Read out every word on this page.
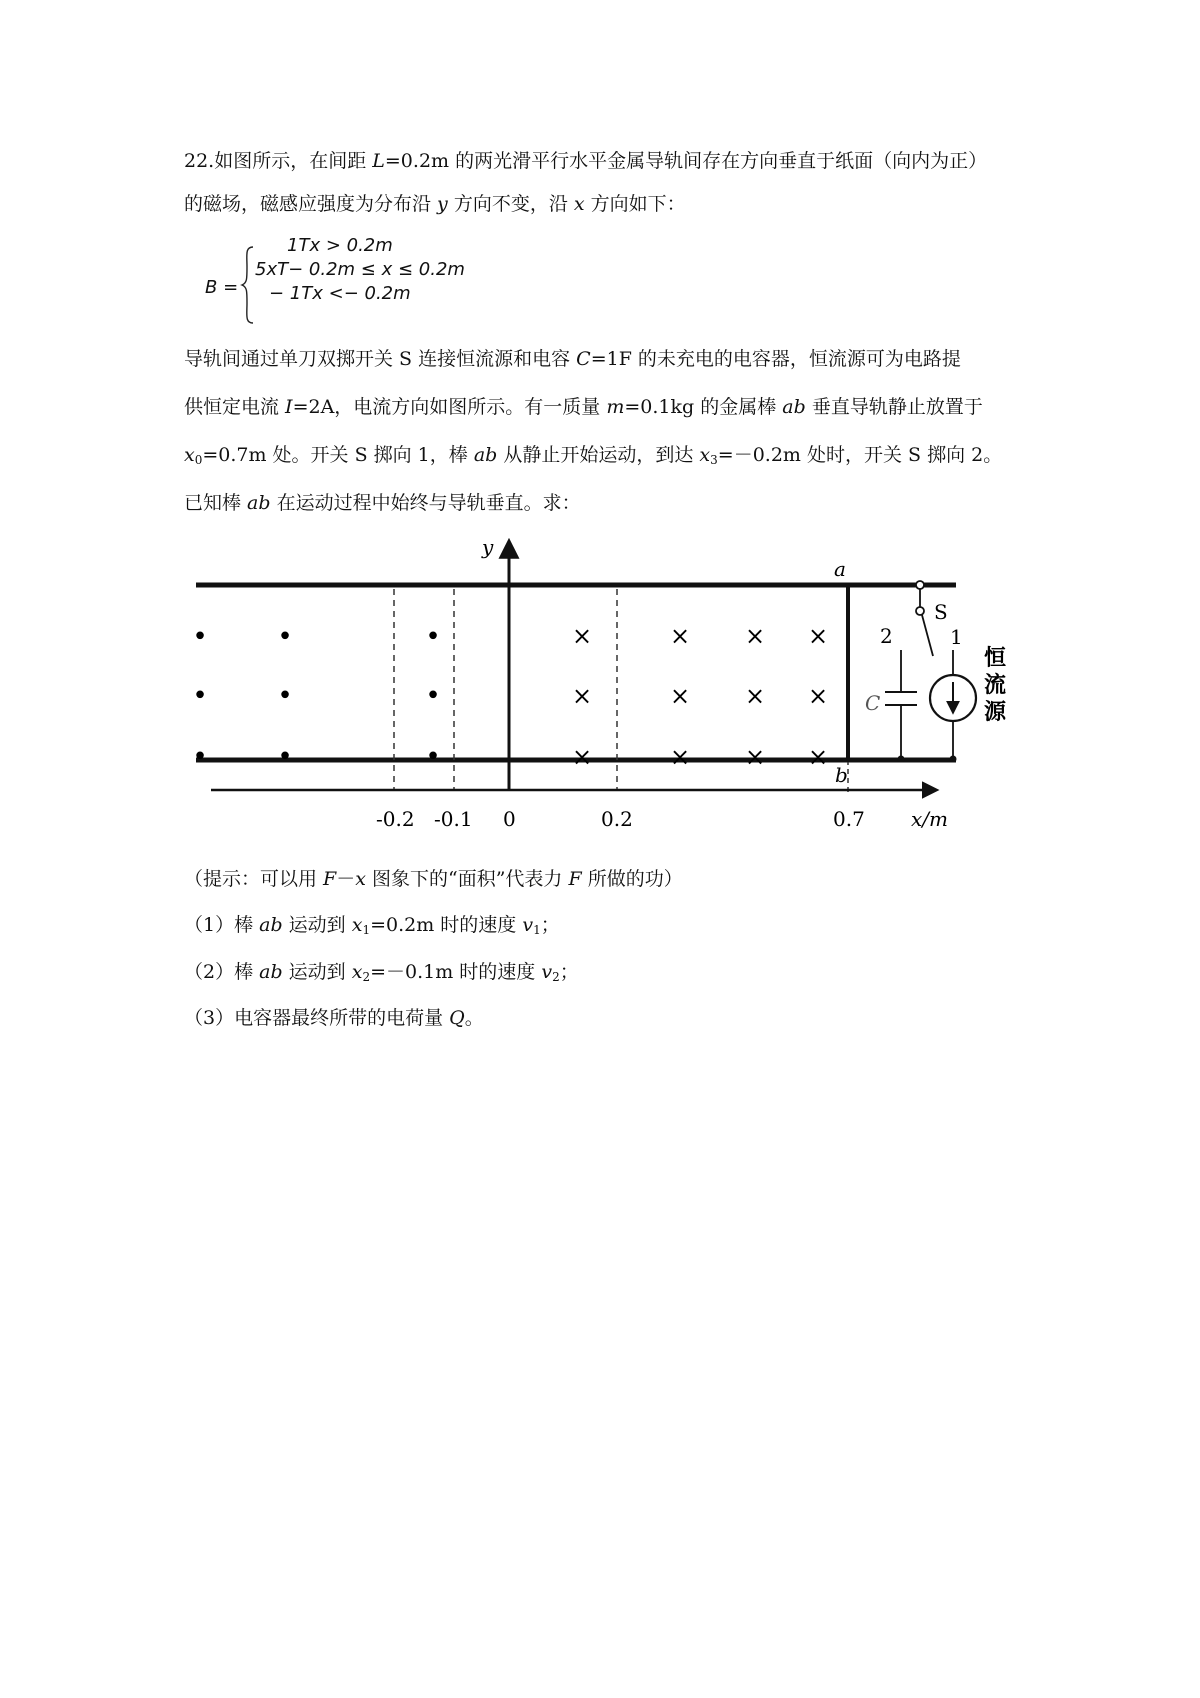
22.如图所示，在间距 L=0.2m 的两光滑平行水平金属导轨间存在方向垂直于纸面（向内为正）
的磁场，磁感应强度为分布沿 y 方向不变，沿 x 方向如下：
B =
1Tx > 0.2m
5xT− 0.2m ≤ x ≤ 0.2m
− 1Tx <− 0.2m
导轨间通过单刀双掷开关 S 连接恒流源和电容 C=1F 的未充电的电容器，恒流源可为电路提
供恒定电流 I=2A，电流方向如图所示。有一质量 m=0.1kg 的金属棒 ab 垂直导轨静止放置于
$x_0=0.7m$ 处。开关 S 掷向 1，棒 ab 从静止开始运动，到达 $x_3=-0.2m$ 处时，开关 S 掷向 2。
已知棒 ab 在运动过程中始终与导轨垂直。求：
y
x/m
-0.2 -0.1 0	0.2	0.7
•	•	•
•	•	•
•	•	•
×	× × ×
×	× × ×
×	× × ×
a
b
S
1
2
C
恒 流 源
（提示：可以用 F－x 图象下的“面积”代表力 F 所做的功）
（1）棒 ab 运动到 $x_1=0.2m$ 时的速度 $v_1$；
（2）棒 ab 运动到 $x_2=-0.1m$ 时的速度 $v_2$；
（3）电容器最终所带的电荷量 Q。
